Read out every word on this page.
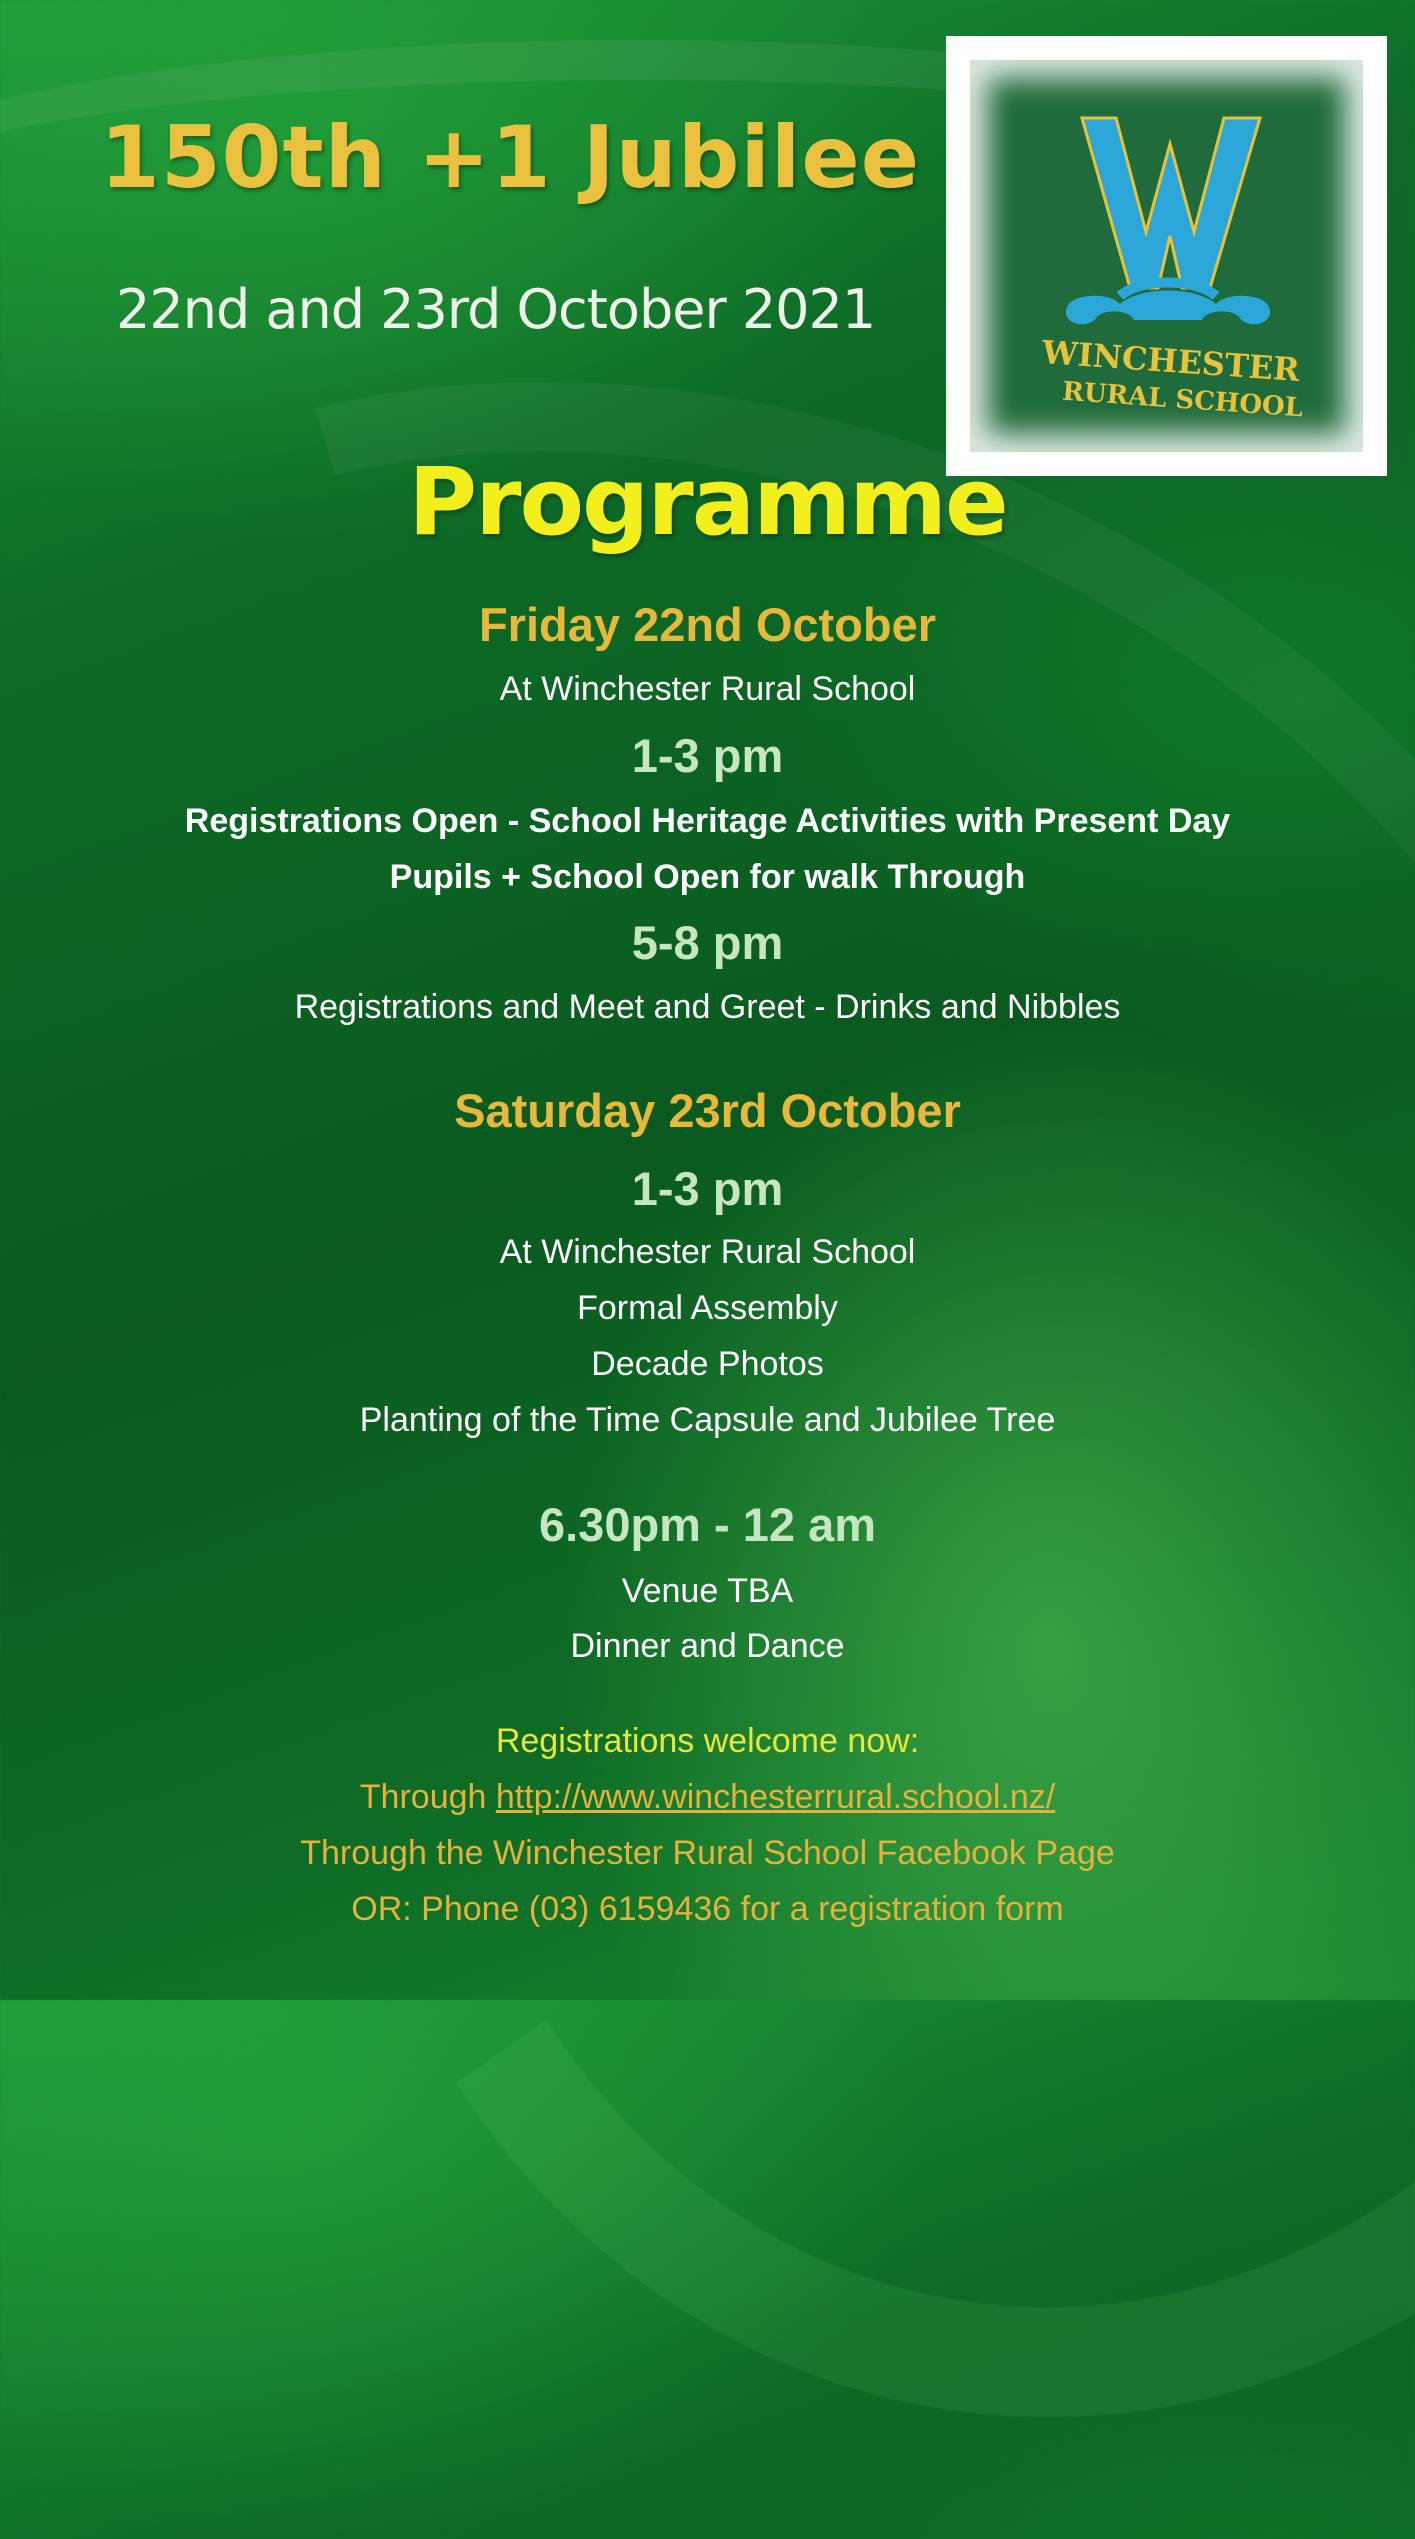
150th +1 Jubilee

22nd and 23rd October 2021

WINCHESTER
RURAL SCHOOL
Programme

Friday 22nd October

At Winchester Rural School

1-3 pm

Registrations Open - School Heritage Activities with Present Day

Pupils + School Open for walk Through

5-8 pm

Registrations and Meet and Greet - Drinks and Nibbles

Saturday 23rd October

1-3 pm

At Winchester Rural School

Formal Assembly

Decade Photos

Planting of the Time Capsule and Jubilee Tree

6.30pm - 12 am

Venue TBA

Dinner and Dance

Registrations welcome now:

Through http://www.winchesterrural.school.nz/

Through the Winchester Rural School Facebook Page

OR: Phone (03) 6159436 for a registration form
